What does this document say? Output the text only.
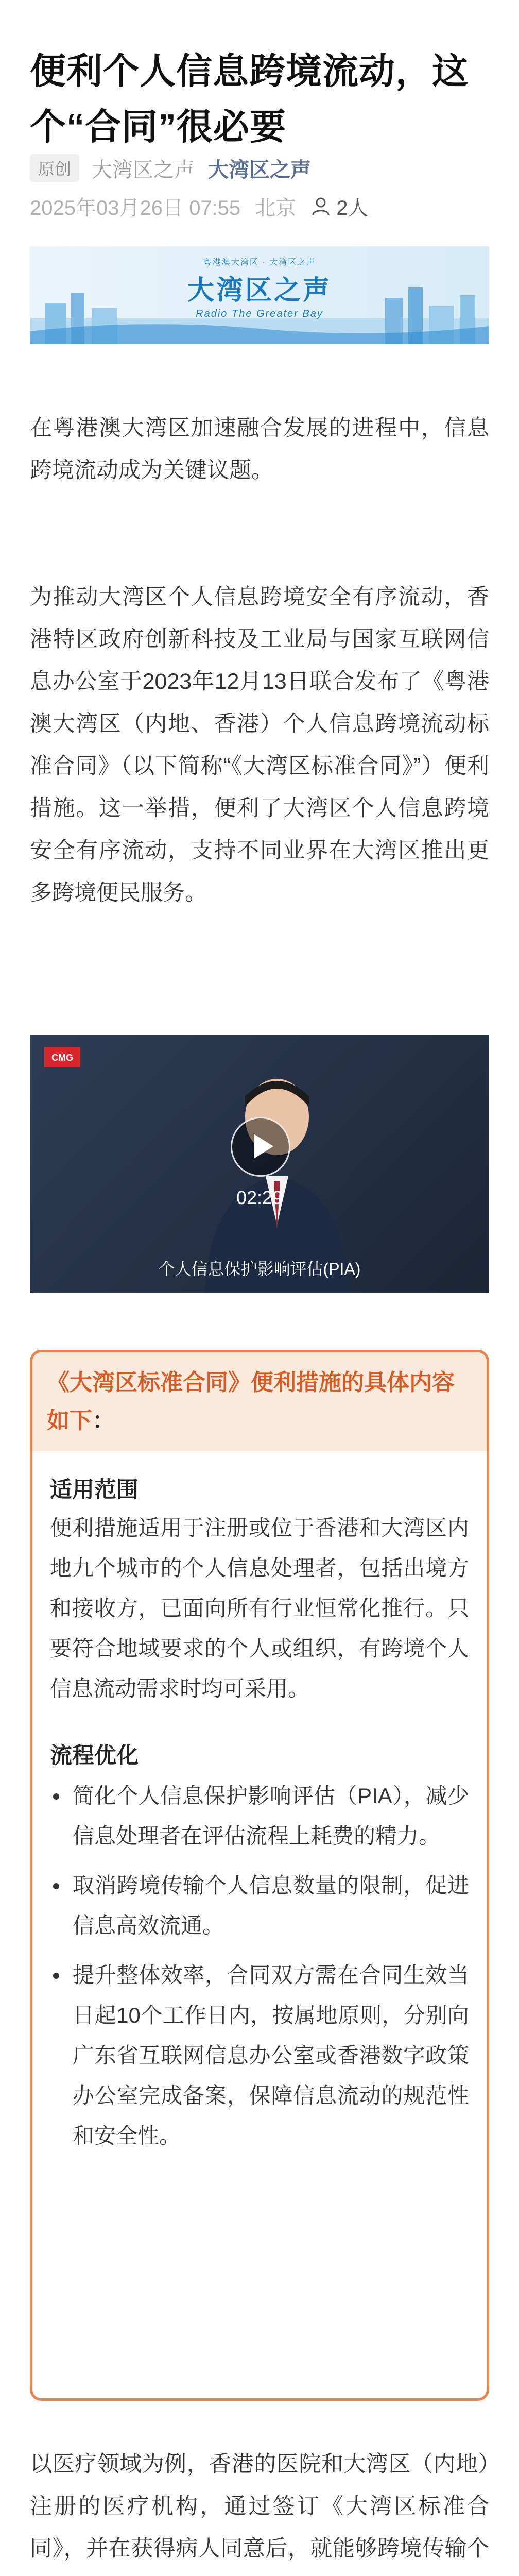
便利个人信息跨境流动，这个“合同”很必要
原创	大湾区之声 大湾区之声
2025年03月26日 07:55 北京 2人
粤港澳大湾区 · 大湾区之声
大湾区之声
Radio The Greater Bay
在粤港澳大湾区加速融合发展的进程中，信息跨境流动成为关键议题。
为推动大湾区个人信息跨境安全有序流动，香港特区政府创新科技及工业局与国家互联网信息办公室于2023年12月13日联合发布了《粤港澳大湾区（内地、香港）个人信息跨境流动标准合同》（以下简称“《大湾区标准合同》”）便利措施。这一举措，便利了大湾区个人信息跨境安全有序流动，支持不同业界在大湾区推出更多跨境便民服务。
CMG
02:29
个人信息保护影响评估(PIA)
《大湾区标准合同》便利措施的具体内容如下：
适用范围
便利措施适用于注册或位于香港和大湾区内地九个城市的个人信息处理者，包括出境方和接收方，已面向所有行业恒常化推行。只要符合地域要求的个人或组织，有跨境个人信息流动需求时均可采用。
流程优化
简化个人信息保护影响评估（PIA），减少信息处理者在评估流程上耗费的精力。
取消跨境传输个人信息数量的限制，促进信息高效流通。
提升整体效率，合同双方需在合同生效当日起10个工作日内，按属地原则，分别向广东省互联网信息办公室或香港数字政策办公室完成备案，保障信息流动的规范性和安全性。
以医疗领域为例，香港的医院和大湾区（内地）注册的医疗机构，通过签订《大湾区标准合同》，并在获得病人同意后，就能够跨境传输个
